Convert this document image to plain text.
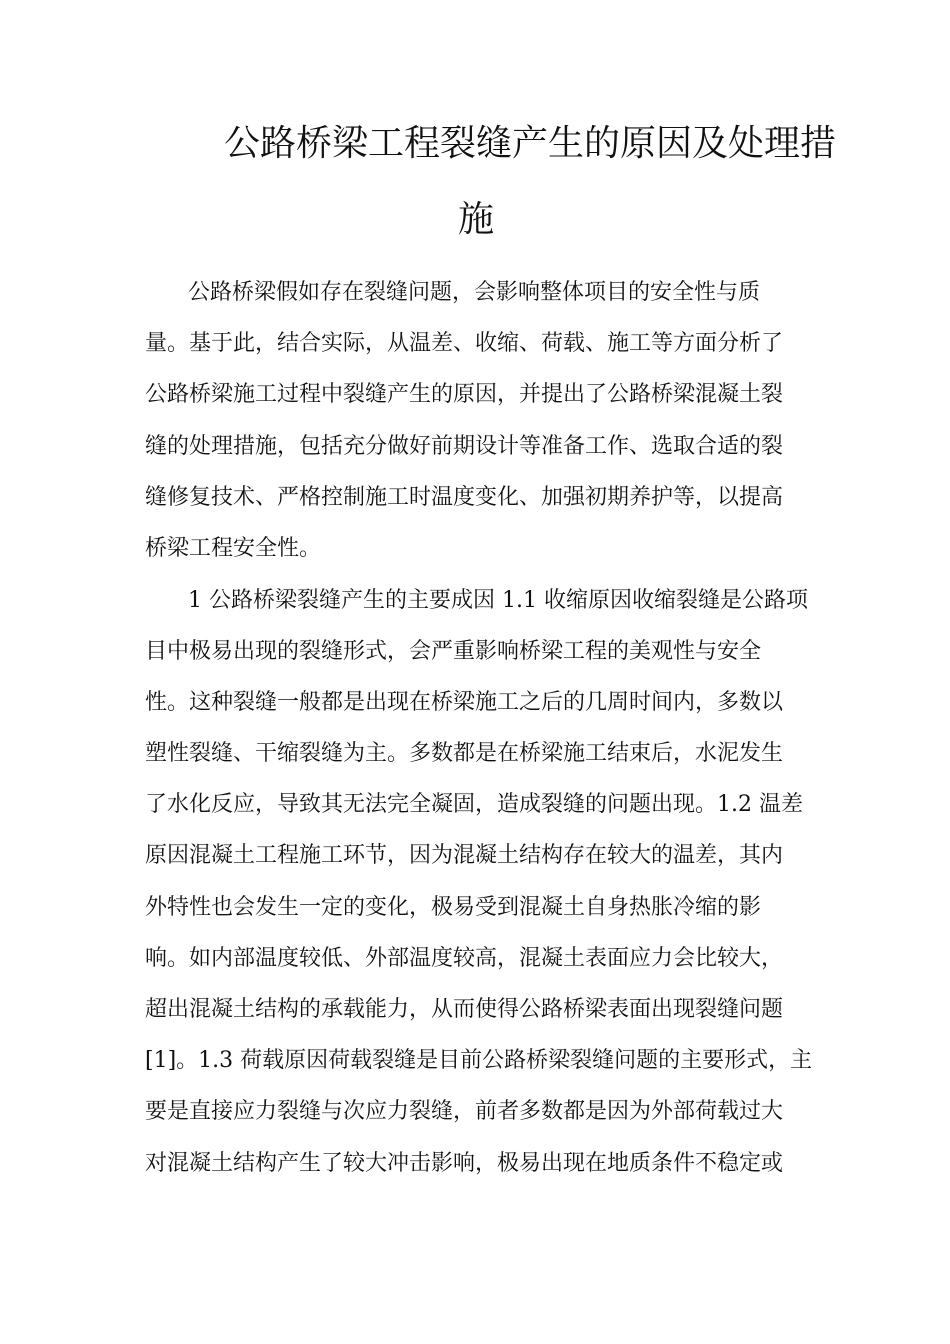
公路桥梁工程裂缝产生的原因及处理措
施
公路桥梁假如存在裂缝问题，会影响整体项目的安全性与质
量。基于此，结合实际，从温差、收缩、荷载、施工等方面分析了
公路桥梁施工过程中裂缝产生的原因，并提出了公路桥梁混凝土裂
缝的处理措施，包括充分做好前期设计等准备工作、选取合适的裂
缝修复技术、严格控制施工时温度变化、加强初期养护等，以提高
桥梁工程安全性。
1 公路桥梁裂缝产生的主要成因 1.1 收缩原因收缩裂缝是公路项
目中极易出现的裂缝形式，会严重影响桥梁工程的美观性与安全
性。这种裂缝一般都是出现在桥梁施工之后的几周时间内，多数以
塑性裂缝、干缩裂缝为主。多数都是在桥梁施工结束后，水泥发生
了水化反应，导致其无法完全凝固，造成裂缝的问题出现。1.2 温差
原因混凝土工程施工环节，因为混凝土结构存在较大的温差，其内
外特性也会发生一定的变化，极易受到混凝土自身热胀冷缩的影
响。如内部温度较低、外部温度较高，混凝土表面应力会比较大，
超出混凝土结构的承载能力，从而使得公路桥梁表面出现裂缝问题
[1]。1.3 荷载原因荷载裂缝是目前公路桥梁裂缝问题的主要形式，主
要是直接应力裂缝与次应力裂缝，前者多数都是因为外部荷载过大
对混凝土结构产生了较大冲击影响，极易出现在地质条件不稳定或
